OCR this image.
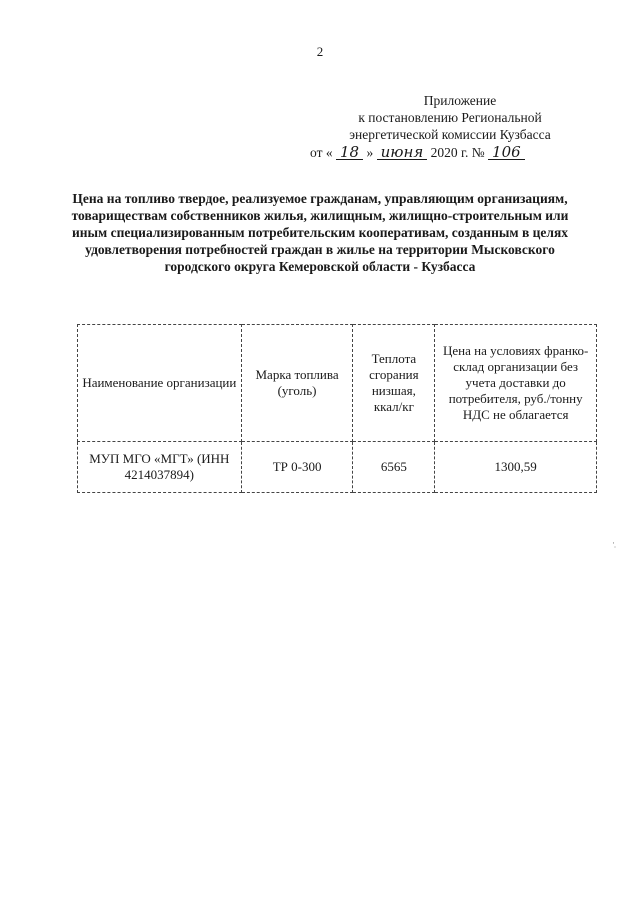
2
Приложение
к постановлению Региональной
энергетической комиссии Кузбасса
от « 18 » июня 2020 г. № 106
Цена на топливо твердое, реализуемое гражданам, управляющим организациям, товариществам собственников жилья, жилищным, жилищно-строительным или иным специализированным потребительским кооперативам, созданным в целях удовлетворения потребностей граждан в жилье на территории Мысковского городского округа Кемеровской области - Кузбасса
Наименование организации	Марка топлива (уголь)	Теплота сгорания низшая, ккал/кг	Цена на условиях франко-склад организации без учета доставки до потребителя, руб./тонну НДС не облагается
МУП МГО «МГТ» (ИНН 4214037894)	ТР 0-300	6565	1300,59
·̣
